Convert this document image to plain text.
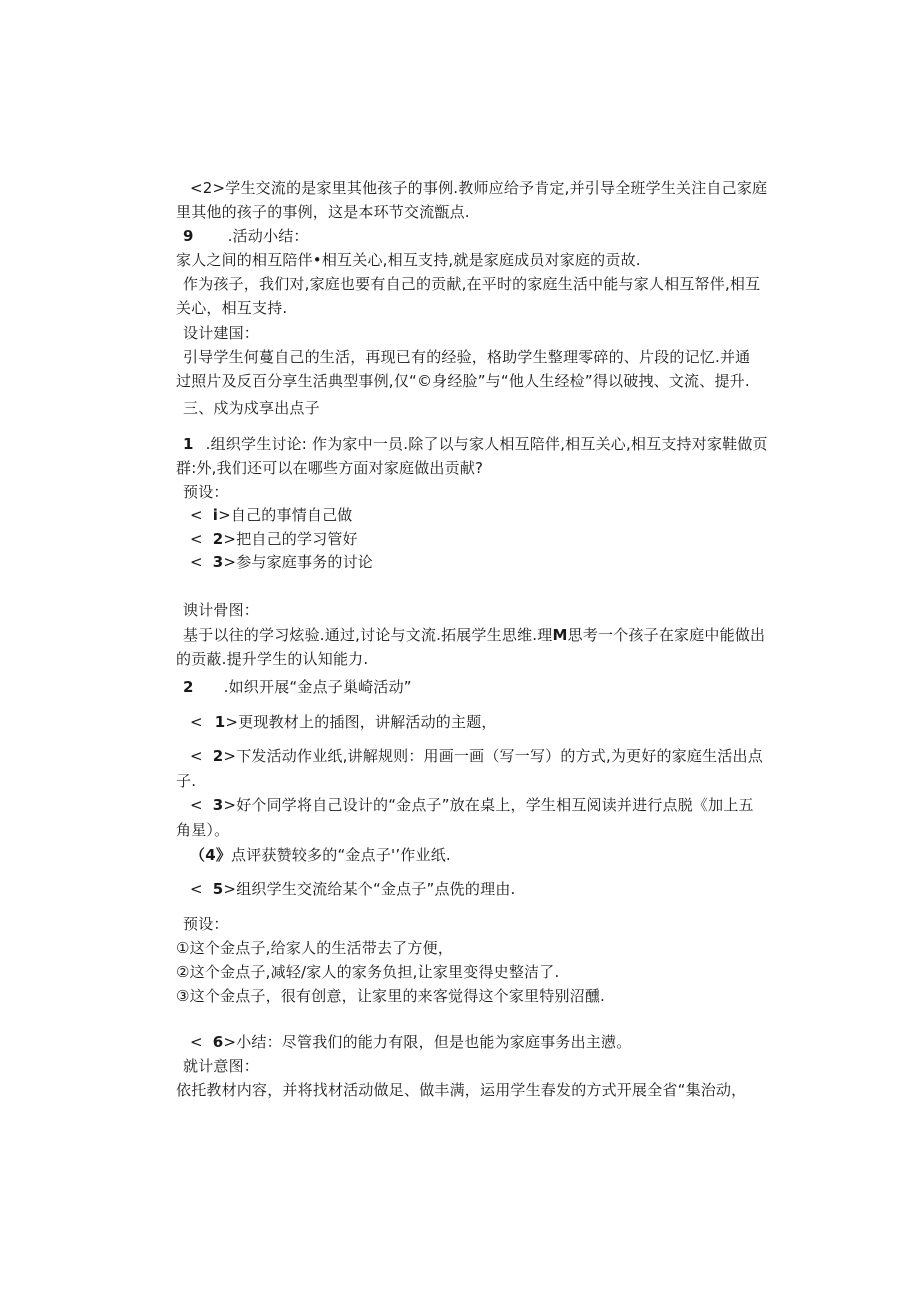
<2>学生交流的是家里其他孩子的事例.教师应给予肯定,并引导全班学生关注自己家庭
里其他的孩子的事例，这是本环节交流甑点.
9 .活动小结：
家人之间的相互陪伴•相互关心,相互支持,就是家庭成员对家庭的贡故.
作为孩子，我们对,家庭也要有自己的贡献,在平时的家庭生活中能与家人相互帑伴,相互
关心，相互支持.
设计建国：
引导学生何蔓自己的生活，再现已有的经验，格助学生整理零碎的、片段的记忆.并通
过照片及反百分享生活典型事例,仅“©身经脸”与“他人生经检”得以破拽、文流、提升.
三、戍为戍享出点子
1 .组织学生讨论: 作为家中一员.除了以与家人相互陪伴,相互关心,相互支持对家鞋做页
群:外,我们还可以在哪些方面对家庭做出贡献?
预设：
< i>自己的事情自己做
< 2>把自己的学习管好
< 3>参与家庭事务的讨论
谀计骨图：
基于以往的学习炫验.通过,讨论与文流.拓展学生思维.理M思考一个孩子在家庭中能做出
的贡蔽.提升学生的认知能力.
2 .如织开展“金点子巢崎活动”
< 1>更现教材上的插图，讲解活动的主题，
< 2>下发活动作业纸,讲解规则：用画一画（写一写）的方式,为更好的家庭生活出点
子.
< 3>好个同学将自己设计的“金点子”放在桌上，学生相互阅读并进行点脱《加上五
角星）。
（4》点评获赞较多的“金点子'’作业纸.
< 5>组织学生交流给某个“金点子”点侁的理由.
预设：
①这个金点子,给家人的生活带去了方便，
②这个金点子,减轻/家人的家务负担,让家里变得史整洁了.
③这个金点子，很有创意，让家里的来客觉得这个家里特别沼醺.
< 6>小结：尽管我们的能力有限，但是也能为家庭事务出主懑。
就计意图：
依托教材内容，并将找材活动做足、做丰满，运用学生春发的方式开展全省“集治动，
